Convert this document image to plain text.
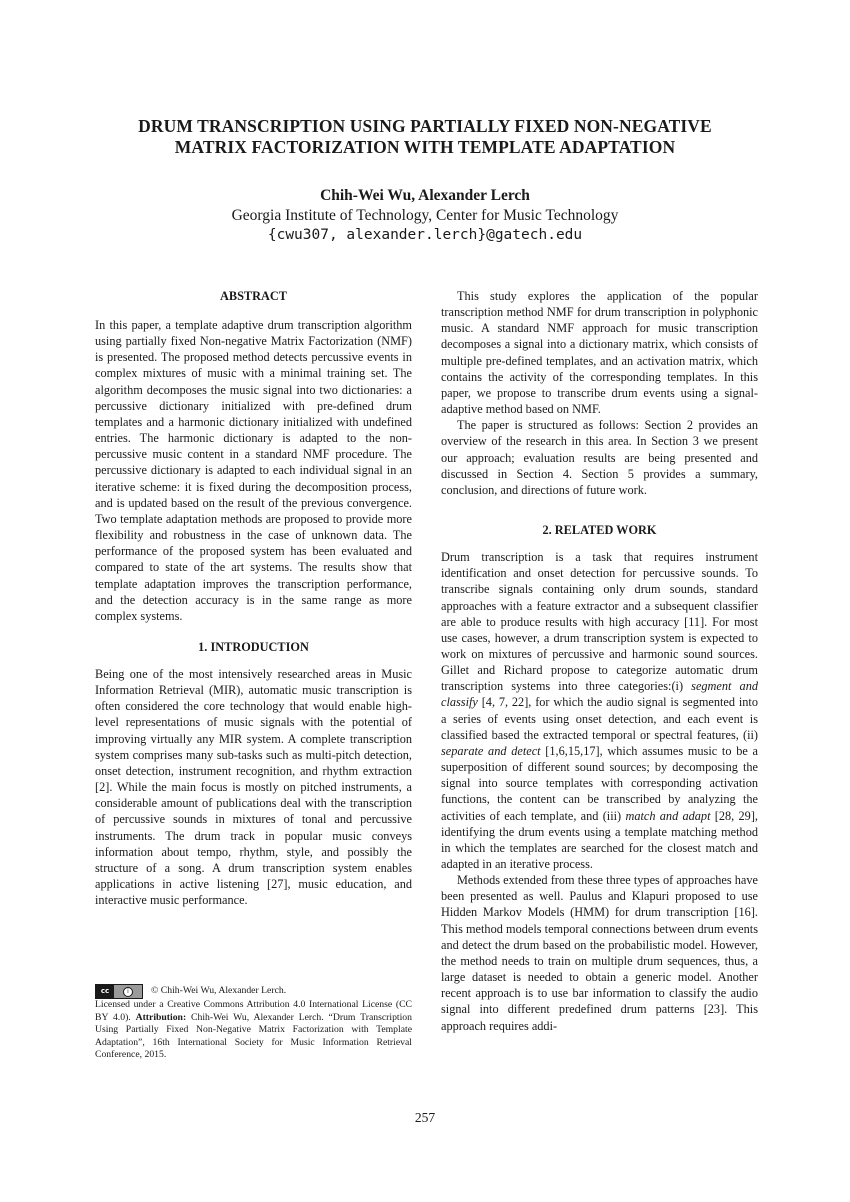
DRUM TRANSCRIPTION USING PARTIALLY FIXED NON-NEGATIVE
MATRIX FACTORIZATION WITH TEMPLATE ADAPTATION
Chih-Wei Wu, Alexander Lerch
Georgia Institute of Technology, Center for Music Technology
{cwu307, alexander.lerch}@gatech.edu

ABSTRACT

In this paper, a template adaptive drum transcription algorithm using partially fixed Non-negative Matrix Factorization (NMF) is presented. The proposed method detects percussive events in complex mixtures of music with a minimal training set. The algorithm decomposes the music signal into two dictionaries: a percussive dictionary initialized with pre-defined drum templates and a harmonic dictionary initialized with undefined entries. The harmonic dictionary is adapted to the non-percussive music content in a standard NMF procedure. The percussive dictionary is adapted to each individual signal in an iterative scheme: it is fixed during the decomposition process, and is updated based on the result of the previous convergence. Two template adaptation methods are proposed to provide more flexibility and robustness in the case of unknown data. The performance of the proposed system has been evaluated and compared to state of the art systems. The results show that template adaptation improves the transcription performance, and the detection accuracy is in the same range as more complex systems.

1. INTRODUCTION

Being one of the most intensively researched areas in Music Information Retrieval (MIR), automatic music transcription is often considered the core technology that would enable high-level representations of music signals with the potential of improving virtually any MIR system. A complete transcription system comprises many sub-tasks such as multi-pitch detection, onset detection, instrument recognition, and rhythm extraction [2]. While the main focus is mostly on pitched instruments, a considerable amount of publications deal with the transcription of percussive sounds in mixtures of tonal and percussive instruments. The drum track in popular music conveys information about tempo, rhythm, style, and possibly the structure of a song. A drum transcription system enables applications in active listening [27], music education, and interactive music performance.

cc	i	© Chih-Wei Wu, Alexander Lerch.
Licensed under a Creative Commons Attribution 4.0 International License (CC BY 4.0). Attribution: Chih-Wei Wu, Alexander Lerch. “Drum Transcription Using Partially Fixed Non-Negative Matrix Factorization with Template Adaptation”, 16th International Society for Music Information Retrieval Conference, 2015.

This study explores the application of the popular transcription method NMF for drum transcription in polyphonic music. A standard NMF approach for music transcription decomposes a signal into a dictionary matrix, which consists of multiple pre-defined templates, and an activation matrix, which contains the activity of the corresponding templates. In this paper, we propose to transcribe drum events using a signal-adaptive method based on NMF.

The paper is structured as follows: Section 2 provides an overview of the research in this area. In Section 3 we present our approach; evaluation results are being presented and discussed in Section 4. Section 5 provides a summary, conclusion, and directions of future work.

2. RELATED WORK

Drum transcription is a task that requires instrument identification and onset detection for percussive sounds. To transcribe signals containing only drum sounds, standard approaches with a feature extractor and a subsequent classifier are able to produce results with high accuracy [11]. For most use cases, however, a drum transcription system is expected to work on mixtures of percussive and harmonic sound sources. Gillet and Richard propose to categorize automatic drum transcription systems into three categories:(i) segment and classify [4, 7, 22], for which the audio signal is segmented into a series of events using onset detection, and each event is classified based the extracted temporal or spectral features, (ii) separate and detect [1,6,15,17], which assumes music to be a superposition of different sound sources; by decomposing the signal into source templates with corresponding activation functions, the content can be transcribed by analyzing the activities of each template, and (iii) match and adapt [28, 29], identifying the drum events using a template matching method in which the templates are searched for the closest match and adapted in an iterative process.

Methods extended from these three types of approaches have been presented as well. Paulus and Klapuri proposed to use Hidden Markov Models (HMM) for drum transcription [16]. This method models temporal connections between drum events and detect the drum based on the probabilistic model. However, the method needs to train on multiple drum sequences, thus, a large dataset is needed to obtain a generic model. Another recent approach is to use bar information to classify the audio signal into different predefined drum patterns [23]. This approach requires addi-

257
